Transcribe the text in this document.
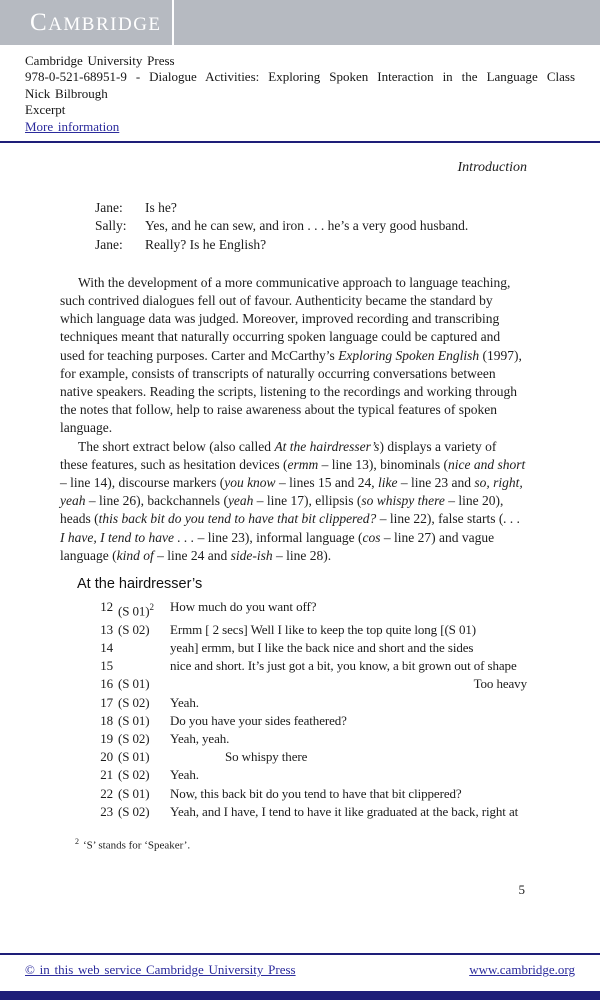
CAMBRIDGE
Cambridge University Press
978-0-521-68951-9 - Dialogue Activities: Exploring Spoken Interaction in the Language Class
Nick Bilbrough
Excerpt
More information
Introduction
Jane:	Is he?
Sally:	Yes, and he can sew, and iron . . . he’s a very good husband.
Jane:	Really? Is he English?

With the development of a more communicative approach to language teaching, such contrived dialogues fell out of favour. Authenticity became the standard by which language data was judged. Moreover, improved recording and transcribing techniques meant that naturally occurring spoken language could be captured and used for teaching purposes. Carter and McCarthy’s Exploring Spoken English (1997), for example, consists of transcripts of naturally occurring conversations between native speakers. Reading the scripts, listening to the recordings and working through the notes that follow, help to raise awareness about the typical features of spoken language.

The short extract below (also called At the hairdresser’s) displays a variety of these features, such as hesitation devices (ermm – line 13), binominals (nice and short – line 14), discourse markers (you know – lines 15 and 24, like – line 23 and so, right, yeah – line 26), backchannels (yeah – line 17), ellipsis (so whispy there – line 20), heads (this back bit do you tend to have that bit clippered? – line 22), false starts (. . . I have, I tend to have . . . – line 23), informal language (cos – line 27) and vague language (kind of – line 24 and side-ish – line 28).

At the hairdresser’s
12 (S 01)$^2$	How much do you want off?
13 (S 02)	Ermm [ 2 secs] Well I like to keep the top quite long [(S 01)
14	yeah] ermm, but I like the back nice and short and the sides
15	nice and short. It’s just got a bit, you know, a bit grown out of shape
16 (S 01)	Too heavy
17 (S 02)	Yeah.
18 (S 01)	Do you have your sides feathered?
19 (S 02)	Yeah, yeah.
20 (S 01)	So whispy there
21 (S 02)	Yeah.
22 (S 01)	Now, this back bit do you tend to have that bit clippered?
23 (S 02)	Yeah, and I have, I tend to have it like graduated at the back, right at
$^2$ ‘S’ stands for ‘Speaker’.
5
© in this web service Cambridge University Press	www.cambridge.org
